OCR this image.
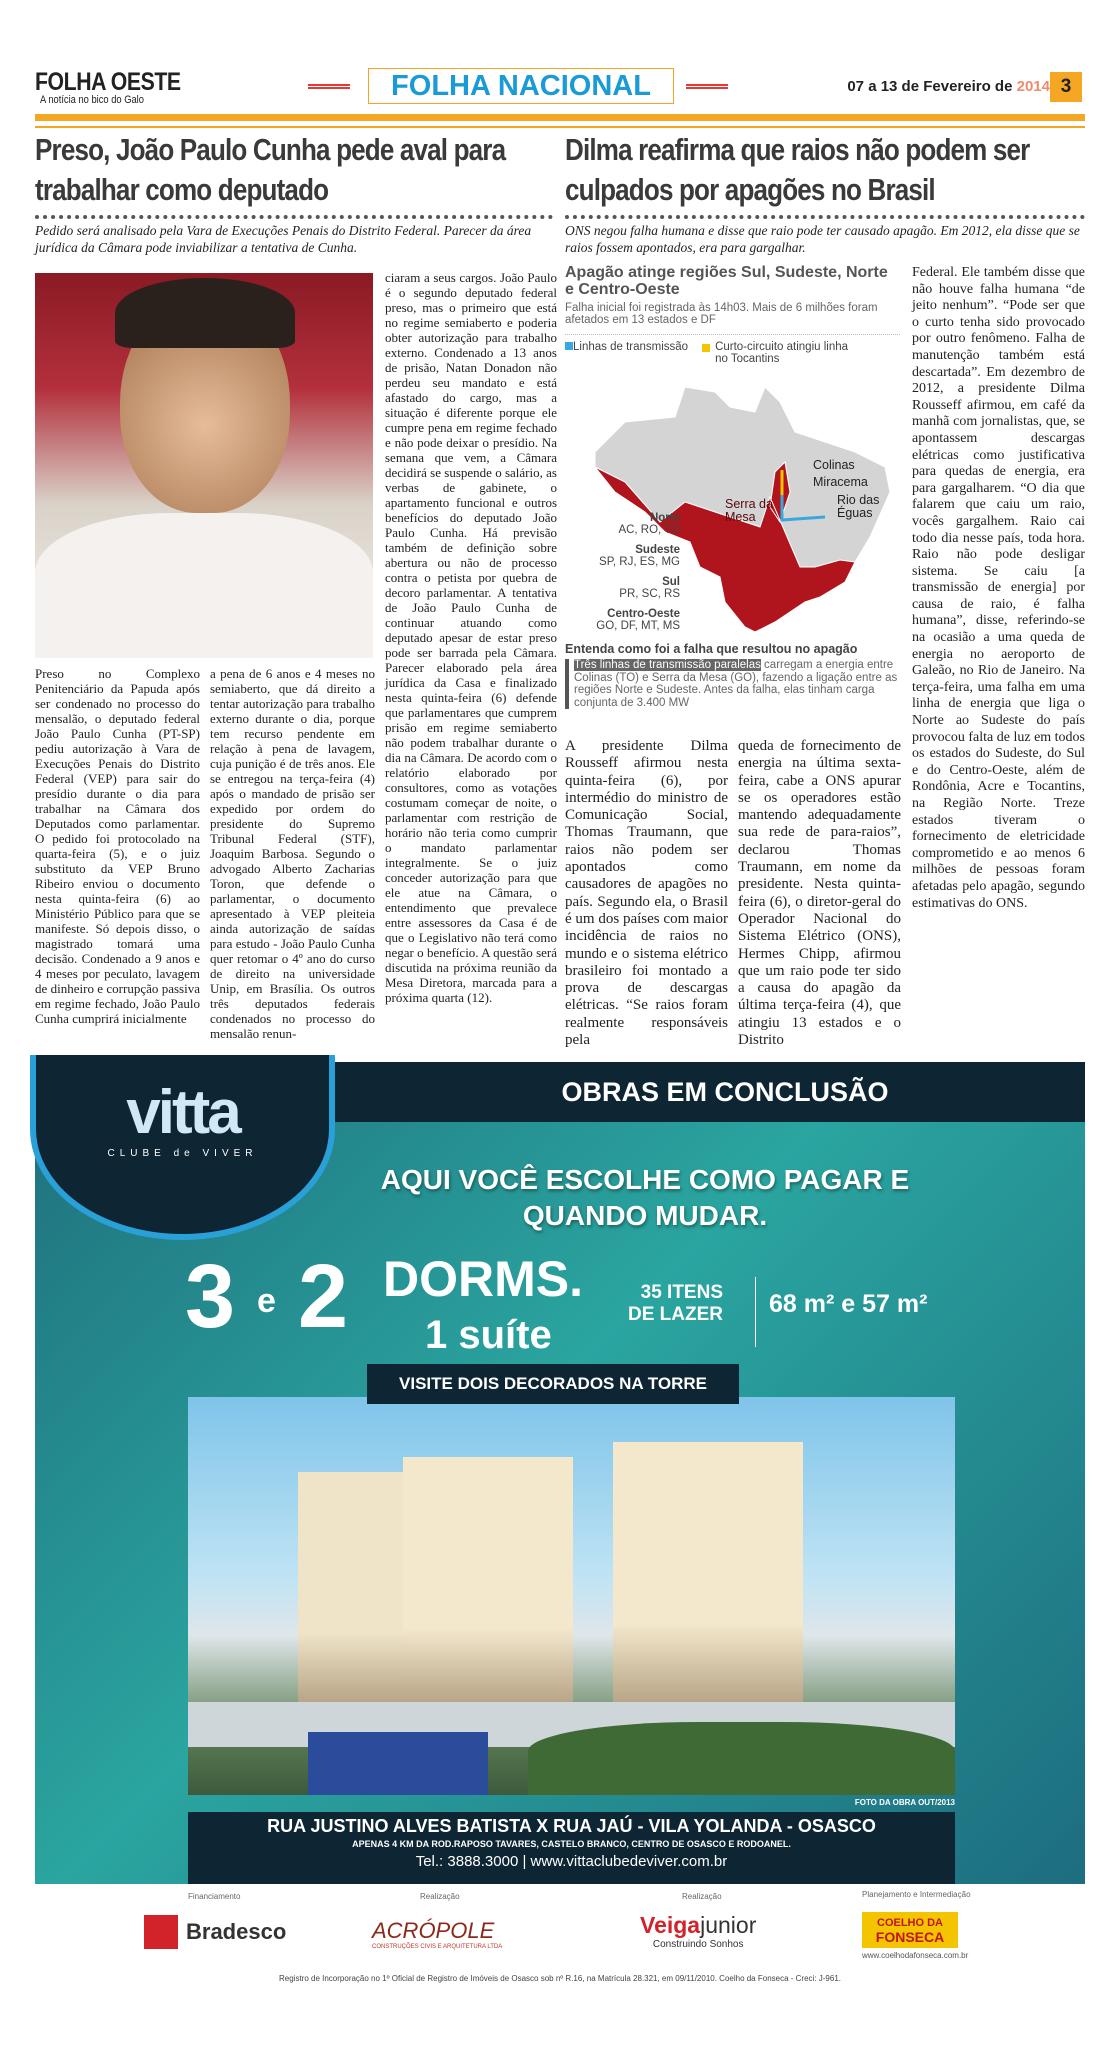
FOLHA OESTE
A notícia no bico do Galo	FOLHA NACIONAL	07 a 13 de Fevereiro de 2014 3
Preso, João Paulo Cunha pede aval para trabalhar como deputado
Pedido será analisado pela Vara de Execuções Penais do Distrito Federal. Parecer da área jurídica da Câmara pode inviabilizar a tentativa de Cunha.
Preso no Complexo Penitenciário da Papuda após ser condenado no processo do mensalão, o deputado federal João Paulo Cunha (PT-SP) pediu autorização à Vara de Execuções Penais do Distrito Federal (VEP) para sair do presídio durante o dia para trabalhar na Câmara dos Deputados como parlamentar. O pedido foi protocolado na quarta-feira (5), e o juiz substituto da VEP Bruno Ribeiro enviou o documento nesta quinta-feira (6) ao Ministério Público para que se manifeste. Só depois disso, o magistrado tomará uma decisão. Condenado a 9 anos e 4 meses por peculato, lavagem de dinheiro e corrupção passiva em regime fechado, João Paulo Cunha cumprirá inicialmente
a pena de 6 anos e 4 meses no semiaberto, que dá direito a tentar autorização para trabalho externo durante o dia, porque tem recurso pendente em relação à pena de lavagem, cuja punição é de três anos. Ele se entregou na terça-feira (4) após o mandado de prisão ser expedido por ordem do presidente do Supremo Tribunal Federal (STF), Joaquim Barbosa. Segundo o advogado Alberto Zacharias Toron, que defende o parlamentar, o documento apresentado à VEP pleiteia ainda autorização de saídas para estudo - João Paulo Cunha quer retomar o 4º ano do curso de direito na universidade Unip, em Brasília. Os outros três deputados federais condenados no processo do mensalão renun-
ciaram a seus cargos. João Paulo é o segundo deputado federal preso, mas o primeiro que está no regime semiaberto e poderia obter autorização para trabalho externo. Condenado a 13 anos de prisão, Natan Donadon não perdeu seu mandato e está afastado do cargo, mas a situação é diferente porque ele cumpre pena em regime fechado e não pode deixar o presídio. Na semana que vem, a Câmara decidirá se suspende o salário, as verbas de gabinete, o apartamento funcional e outros benefícios do deputado João Paulo Cunha. Há previsão também de definição sobre abertura ou não de processo contra o petista por quebra de decoro parlamentar. A tentativa de João Paulo Cunha de continuar atuando como deputado apesar de estar preso pode ser barrada pela Câmara. Parecer elaborado pela área jurídica da Casa e finalizado nesta quinta-feira (6) defende que parlamentares que cumprem prisão em regime semiaberto não podem trabalhar durante o dia na Câmara. De acordo com o relatório elaborado por consultores, como as votações costumam começar de noite, o parlamentar com restrição de horário não teria como cumprir o mandato parlamentar integralmente. Se o juiz conceder autorização para que ele atue na Câmara, o entendimento que prevalece entre assessores da Casa é de que o Legislativo não terá como negar o benefício. A questão será discutida na próxima reunião da Mesa Diretora, marcada para a próxima quarta (12).
Dilma reafirma que raios não podem ser culpados por apagões no Brasil
ONS negou falha humana e disse que raio pode ter causado apagão. Em 2012, ela disse que se raios fossem apontados, era para gargalhar.
Apagão atinge regiões Sul, Sudeste, Norte e Centro-Oeste
Falha inicial foi registrada às 14h03. Mais de 6 milhões foram afetados em 13 estados e DF
Linhas de transmissão Curto-circuito atingiu linha no Tocantins
Colinas
Miracema
Rio das Éguas
Serra da Mesa
Norte
AC, RO, TO
Sudeste
SP, RJ, ES, MG
Sul
PR, SC, RS
Centro-Oeste
GO, DF, MT, MS
Entenda como foi a falha que resultou no apagão
Três linhas de transmissão paralelas carregam a energia entre Colinas (TO) e Serra da Mesa (GO), fazendo a ligação entre as regiões Norte e Sudeste. Antes da falha, elas tinham carga conjunta de 3.400 MW
A presidente Dilma Rousseff afirmou nesta quinta-feira (6), por intermédio do ministro de Comunicação Social, Thomas Traumann, que raios não podem ser apontados como causadores de apagões no país. Segundo ela, o Brasil é um dos países com maior incidência de raios no mundo e o sistema elétrico brasileiro foi montado a prova de descargas elétricas. “Se raios foram realmente responsáveis pela
queda de fornecimento de energia na última sexta-feira, cabe a ONS apurar se os operadores estão mantendo adequadamente sua rede de para-raios”, declarou Thomas Traumann, em nome da presidente. Nesta quinta-feira (6), o diretor-geral do Operador Nacional do Sistema Elétrico (ONS), Hermes Chipp, afirmou que um raio pode ter sido a causa do apagão da última terça-feira (4), que atingiu 13 estados e o Distrito
Federal. Ele também disse que não houve falha humana “de jeito nenhum”. “Pode ser que o curto tenha sido provocado por outro fenômeno. Falha de manutenção também está descartada”. Em dezembro de 2012, a presidente Dilma Rousseff afirmou, em café da manhã com jornalistas, que, se apontassem descargas elétricas como justificativa para quedas de energia, era para gargalharem. “O dia que falarem que caiu um raio, vocês gargalhem. Raio cai todo dia nesse país, toda hora. Raio não pode desligar sistema. Se caiu [a transmissão de energia] por causa de raio, é falha humana”, disse, referindo-se na ocasião a uma queda de energia no aeroporto de Galeão, no Rio de Janeiro. Na terça-feira, uma falha em uma linha de energia que liga o Norte ao Sudeste do país provocou falta de luz em todos os estados do Sudeste, do Sul e do Centro-Oeste, além de Rondônia, Acre e Tocantins, na Região Norte. Treze estados tiveram o fornecimento de eletricidade comprometido e ao menos 6 milhões de pessoas foram afetadas pelo apagão, segundo estimativas do ONS.
OBRAS EM CONCLUSÃO
AQUI VOCÊ ESCOLHE COMO PAGAR E QUANDO MUDAR.
3 e 2 DORMS.
1 suíte
35 ITENS
DE LAZER 68 m² e 57 m²
VISITE DOIS DECORADOS NA TORRE
FOTO DA OBRA OUT/2013
RUA JUSTINO ALVES BATISTA X RUA JAÚ - VILA YOLANDA - OSASCO
APENAS 4 KM DA ROD.RAPOSO TAVARES, CASTELO BRANCO, CENTRO DE OSASCO E RODOANEL.
Tel.: 3888.3000 | www.vittaclubedeviver.com.br
vitta
CLUBE de VIVER
Financiamento
Bradesco
Realização
ACRÓPOLE
CONSTRUÇÕES CIVIS E ARQUITETURA LTDA
Realização
Veigajunior
Construindo Sonhos
Planejamento e Intermediação
COELHO DA
FONSECA
www.coelhodafonseca.com.br
Registro de Incorporação no 1º Oficial de Registro de Imóveis de Osasco sob nº R.16, na Matrícula 28.321, em 09/11/2010. Coelho da Fonseca - Creci: J-961.
